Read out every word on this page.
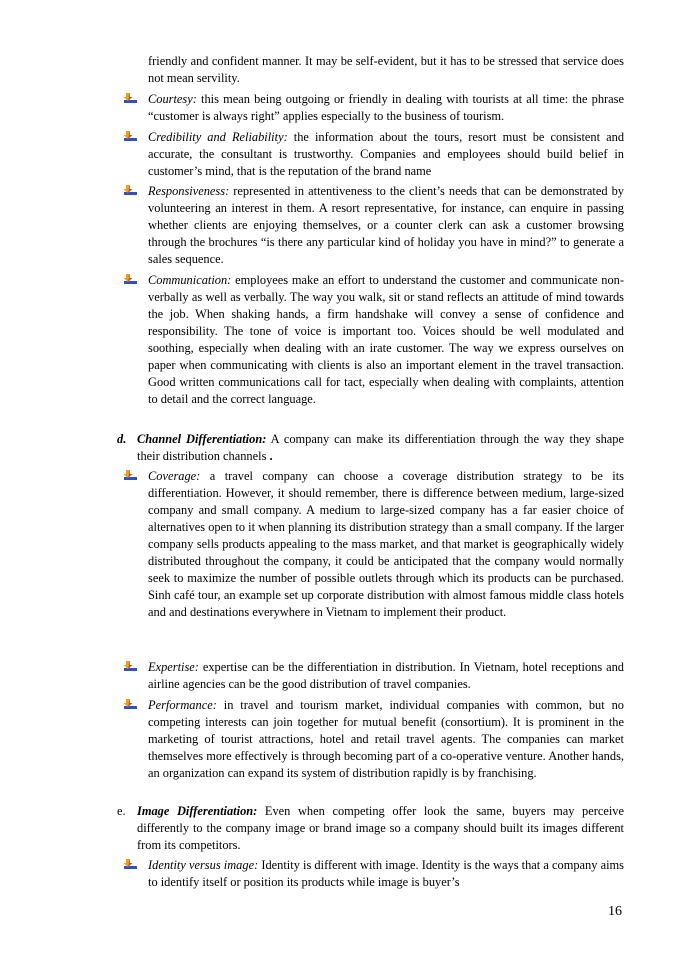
friendly and confident manner. It may be self-evident, but it has to be stressed that service does not mean servility.
Courtesy: this mean being outgoing or friendly in dealing with tourists at all time: the phrase “customer is always right” applies especially to the business of tourism.
Credibility and Reliability: the information about the tours, resort must be consistent and accurate, the consultant is trustworthy. Companies and employees should build belief in customer’s mind, that is the reputation of the brand name
Responsiveness: represented in attentiveness to the client’s needs that can be demonstrated by volunteering an interest in them. A resort representative, for instance, can enquire in passing whether clients are enjoying themselves, or a counter clerk can ask a customer browsing through the brochures “is there any particular kind of holiday you have in mind?” to generate a sales sequence.
Communication: employees make an effort to understand the customer and communicate non-verbally as well as verbally. The way you walk, sit or stand reflects an attitude of mind towards the job. When shaking hands, a firm handshake will convey a sense of confidence and responsibility. The tone of voice is important too. Voices should be well modulated and soothing, especially when dealing with an irate customer. The way we express ourselves on paper when communicating with clients is also an important element in the travel transaction. Good written communications call for tact, especially when dealing with complaints, attention to detail and the correct language.
d. Channel Differentiation: A company can make its differentiation through the way they shape their distribution channels .
Coverage: a travel company can choose a coverage distribution strategy to be its differentiation. However, it should remember, there is difference between medium, large-sized company and small company. A medium to large-sized company has a far easier choice of alternatives open to it when planning its distribution strategy than a small company. If the larger company sells products appealing to the mass market, and that market is geographically widely distributed throughout the company, it could be anticipated that the company would normally seek to maximize the number of possible outlets through which its products can be purchased. Sinh café tour, an example set up corporate distribution with almost famous middle class hotels and and destinations everywhere in Vietnam to implement their product.
Expertise: expertise can be the differentiation in distribution. In Vietnam, hotel receptions and airline agencies can be the good distribution of travel companies.
Performance: in travel and tourism market, individual companies with common, but no competing interests can join together for mutual benefit (consortium). It is prominent in the marketing of tourist attractions, hotel and retail travel agents. The companies can market themselves more effectively is through becoming part of a co-operative venture. Another hands, an organization can expand its system of distribution rapidly is by franchising.
e. Image Differentiation: Even when competing offer look the same, buyers may perceive differently to the company image or brand image so a company should built its images different from its competitors.
Identity versus image: Identity is different with image. Identity is the ways that a company aims to identify itself or position its products while image is buyer’s
16
